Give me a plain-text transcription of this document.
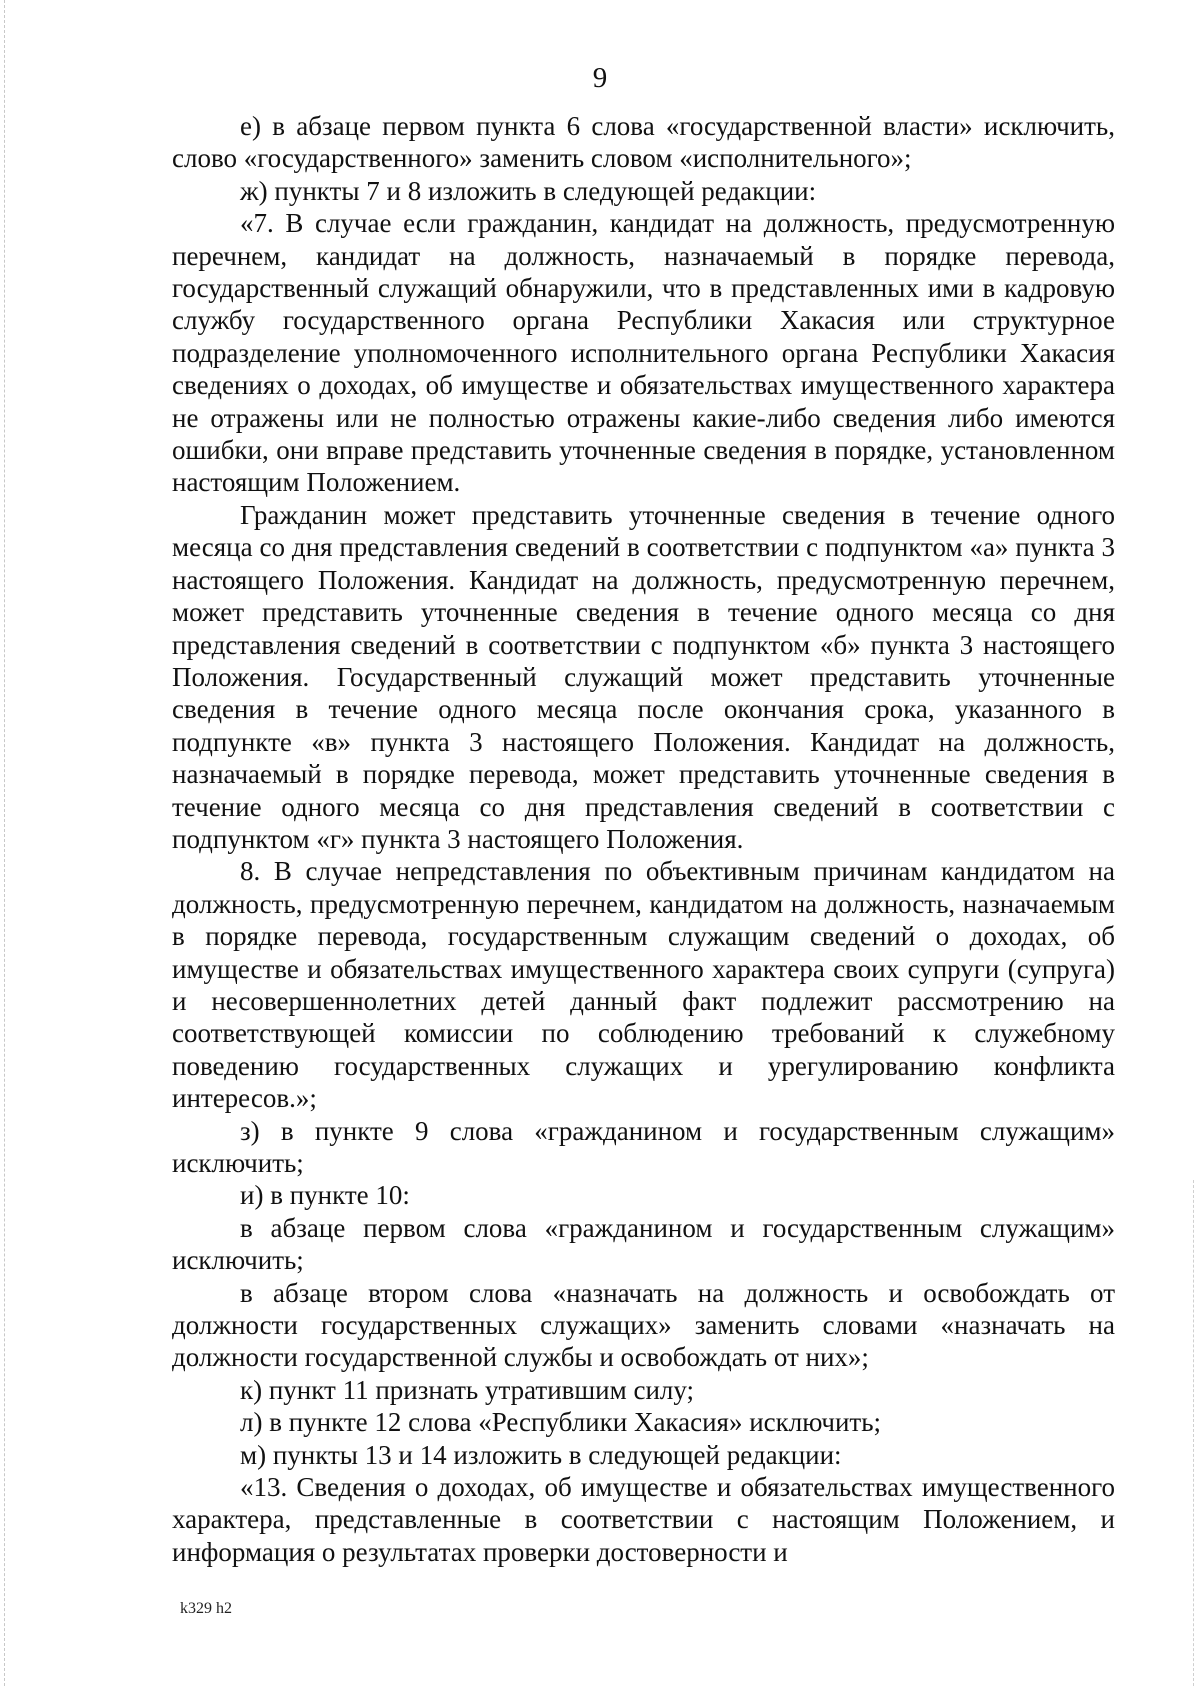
9

е) в абзаце первом пункта 6 слова «государственной власти» исключить, слово «государственного» заменить словом «исполнительного»;

ж) пункты 7 и 8 изложить в следующей редакции:

«7. В случае если гражданин, кандидат на должность, предусмотренную перечнем, кандидат на должность, назначаемый в порядке перевода, государственный служащий обнаружили, что в представленных ими в кадровую службу государственного органа Республики Хакасия или структурное подразделение уполномоченного исполнительного органа Республики Хакасия сведениях о доходах, об имуществе и обязательствах имущественного характера не отражены или не полностью отражены какие-либо сведения либо имеются ошибки, они вправе представить уточненные сведения в порядке, установленном настоящим Положением.

Гражданин может представить уточненные сведения в течение одного месяца со дня представления сведений в соответствии с подпунктом «а» пункта 3 настоящего Положения. Кандидат на должность, предусмотренную перечнем, может представить уточненные сведения в течение одного месяца со дня представления сведений в соответствии с подпунктом «б» пункта 3 настоящего Положения. Государственный служащий может представить уточненные сведения в течение одного месяца после окончания срока, указанного в подпункте «в» пункта 3 настоящего Положения. Кандидат на должность, назначаемый в порядке перевода, может представить уточненные сведения в течение одного месяца со дня представления сведений в соответствии с подпунктом «г» пункта 3 настоящего Положения.

8. В случае непредставления по объективным причинам кандидатом на должность, предусмотренную перечнем, кандидатом на должность, назначаемым в порядке перевода, государственным служащим сведений о доходах, об имуществе и обязательствах имущественного характера своих супруги (супруга) и несовершеннолетних детей данный факт подлежит рассмотрению на соответствующей комиссии по соблюдению требований к служебному поведению государственных служащих и урегулированию конфликта интересов.»;

з) в пункте 9 слова «гражданином и государственным служащим» исключить;

и) в пункте 10:

в абзаце первом слова «гражданином и государственным служащим» исключить;

в абзаце втором слова «назначать на должность и освобождать от должности государственных служащих» заменить словами «назначать на должности государственной службы и освобождать от них»;

к) пункт 11 признать утратившим силу;

л) в пункте 12 слова «Республики Хакасия» исключить;

м) пункты 13 и 14 изложить в следующей редакции:

«13. Сведения о доходах, об имуществе и обязательствах имущественного характера, представленные в соответствии с настоящим Положением, и информация о результатах проверки достоверности и

k329 h2
